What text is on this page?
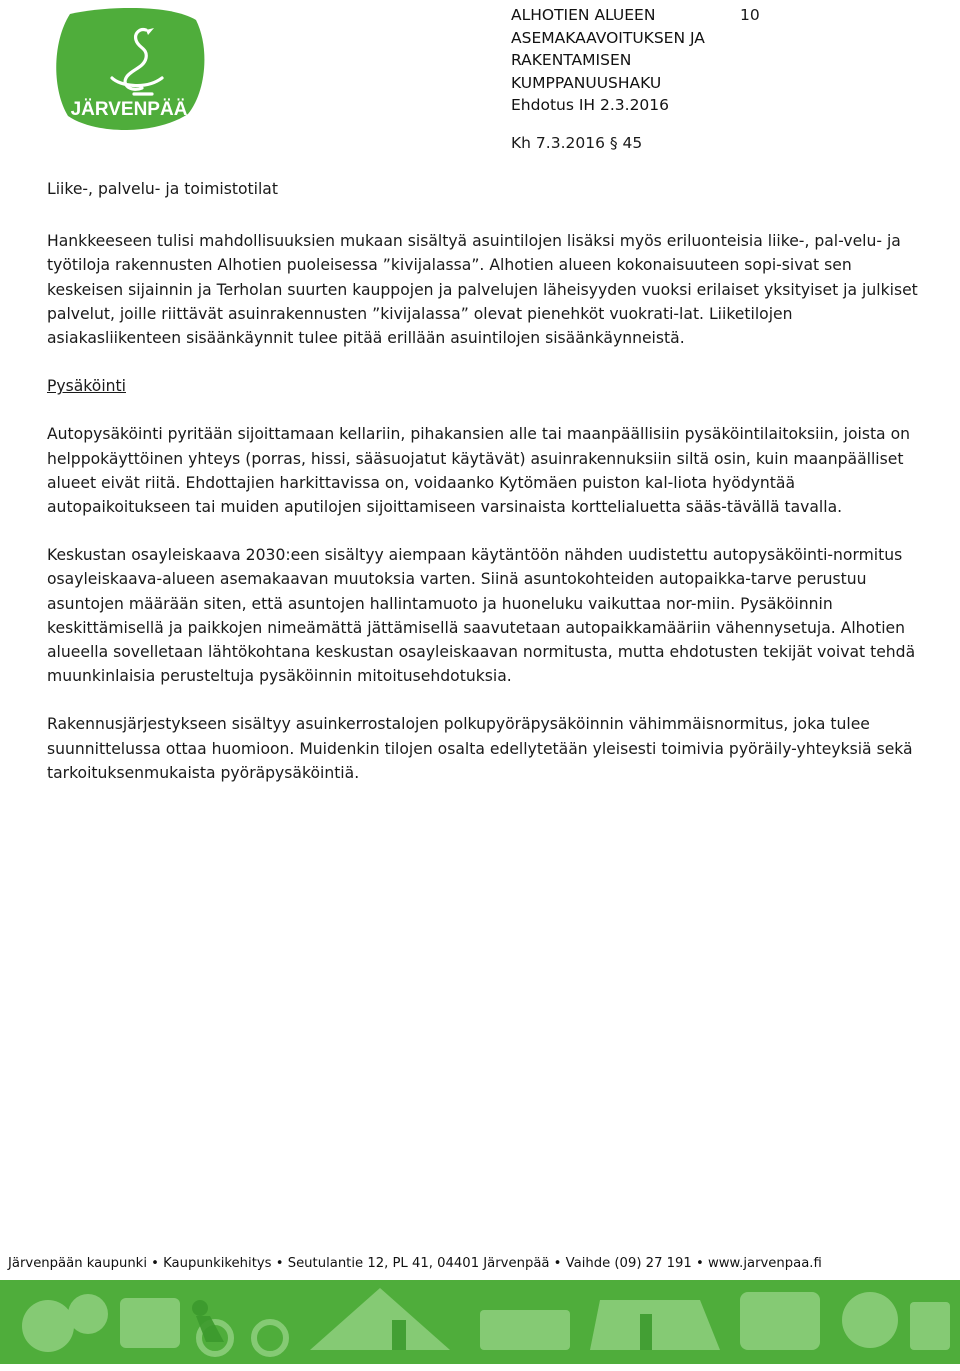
JÄRVENPÄÄ
ALHOTIEN ALUEEN
ASEMAKAAVOITUKSEN JA
RAKENTAMISEN
KUMPPANUUSHAKU
Ehdotus IH 2.3.2016
10
Kh 7.3.2016 § 45

Liike-, palvelu- ja toimistotilat

Hankkeeseen tulisi mahdollisuuksien mukaan sisältyä asuintilojen lisäksi myös eriluonteisia liike-, pal-velu- ja työtiloja rakennusten Alhotien puoleisessa ”kivijalassa”. Alhotien alueen kokonaisuuteen sopi-sivat sen keskeisen sijainnin ja Terholan suurten kauppojen ja palvelujen läheisyyden vuoksi erilaiset yksityiset ja julkiset palvelut, joille riittävät asuinrakennusten ”kivijalassa” olevat pienehköt vuokrati-lat. Liiketilojen asiakasliikenteen sisäänkäynnit tulee pitää erillään asuintilojen sisäänkäynneistä.

Pysäköinti

Autopysäköinti pyritään sijoittamaan kellariin, pihakansien alle tai maanpäällisiin pysäköintilaitoksiin, joista on helppokäyttöinen yhteys (porras, hissi, sääsuojatut käytävät) asuinrakennuksiin siltä osin, kuin maanpäälliset alueet eivät riitä. Ehdottajien harkittavissa on, voidaanko Kytömäen puiston kal-liota hyödyntää autopaikoitukseen tai muiden aputilojen sijoittamiseen varsinaista korttelialuetta sääs-tävällä tavalla.

Keskustan osayleiskaava 2030:een sisältyy aiempaan käytäntöön nähden uudistettu autopysäköinti-normitus osayleiskaava-alueen asemakaavan muutoksia varten. Siinä asuntokohteiden autopaikka-tarve perustuu asuntojen määrään siten, että asuntojen hallintamuoto ja huoneluku vaikuttaa nor-miin. Pysäköinnin keskittämisellä ja paikkojen nimeämättä jättämisellä saavutetaan autopaikkamääriin vähennysetuja. Alhotien alueella sovelletaan lähtökohtana keskustan osayleiskaavan normitusta, mutta ehdotusten tekijät voivat tehdä muunkinlaisia perusteltuja pysäköinnin mitoitusehdotuksia.

Rakennusjärjestykseen sisältyy asuinkerrostalojen polkupyöräpysäköinnin vähimmäisnormitus, joka tulee suunnittelussa ottaa huomioon. Muidenkin tilojen osalta edellytetään yleisesti toimivia pyöräily-yhteyksiä sekä tarkoituksenmukaista pyöräpysäköintiä.

Järvenpään kaupunki • Kaupunkikehitys • Seutulantie 12, PL 41, 04401 Järvenpää • Vaihde (09) 27 191 • www.jarvenpaa.fi
